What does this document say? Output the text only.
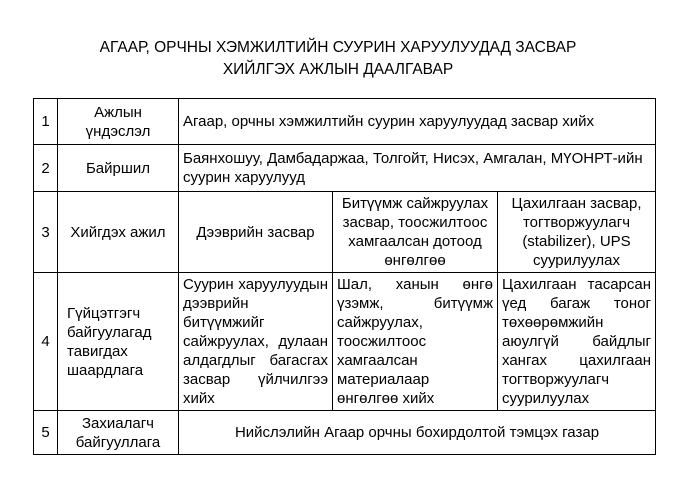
АГААР, ОРЧНЫ ХЭМЖИЛТИЙН СУУРИН ХАРУУЛУУДАД ЗАСВАР
ХИЙЛГЭХ АЖЛЫН ДААЛГАВАР
1	Ажлын үндэслэл	Агаар, орчны хэмжилтийн суурин харуулуудад засвар хийх		
2	Байршил	Баянхошуу, Дамбадаржаа, Толгойт, Нисэх, Амгалан, МҮОНРТ-ийн суурин харуулууд		
3	Хийгдэх ажил	Дээврийн засвар	Битүүмж сайжруулах засвар, тоосжилтоос хамгаалсан дотоод өнгөлгөө	Цахилгаан засвар, тогтворжуулагч (stabilizer), UPS суурилуулах
4	Гүйцэтгэгч байгуулагад тавигдах шаардлага	Суурин харуулуудын дээврийн битүүмжийг сайжруулах, дулаан алдагдлыг багасгах засвар үйлчилгээ хийх	Шал, ханын өнгө үзэмж, битүүмж сайжруулах, тоосжилтоос хамгаалсан материалаар өнгөлгөө хийх	Цахилгаан тасарсан үед багаж тоног төхөөрөмжийн аюулгүй байдлыг хангах цахилгаан тогтворжуулагч суурилуулах
5	Захиалагч байгууллага	Нийслэлийн Агаар орчны бохирдолтой тэмцэх газар		
